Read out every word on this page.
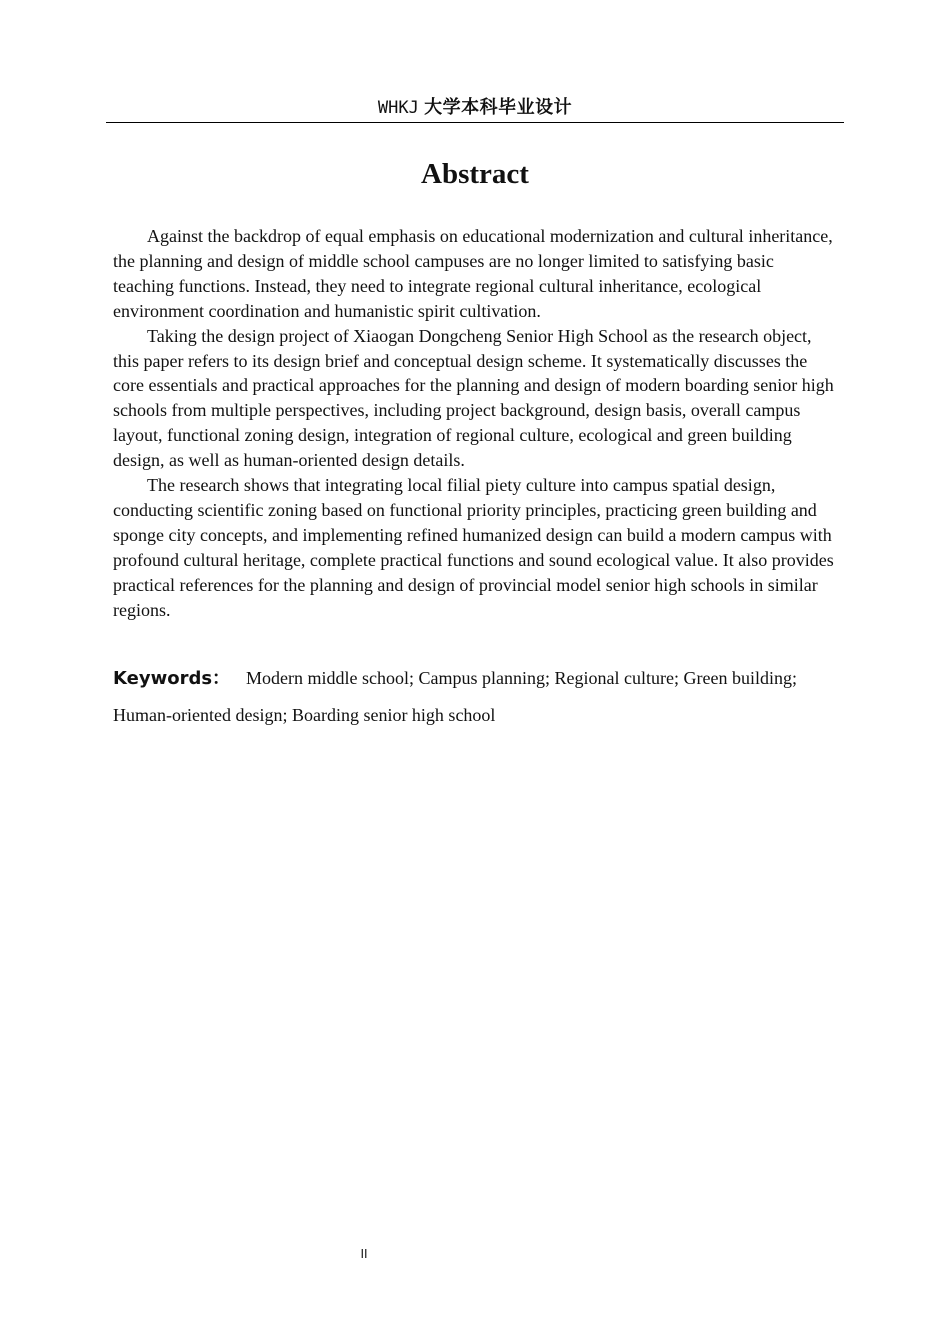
WHKJ 大学本科毕业设计
Abstract

Against the backdrop of equal emphasis on educational modernization and cultural inheritance, the planning and design of middle school campuses are no longer limited to satisfying basic teaching functions. Instead, they need to integrate regional cultural inheritance, ecological environment coordination and humanistic spirit cultivation.

Taking the design project of Xiaogan Dongcheng Senior High School as the research object, this paper refers to its design brief and conceptual design scheme. It systematically discusses the core essentials and practical approaches for the planning and design of modern boarding senior high schools from multiple perspectives, including project background, design basis, overall campus layout, functional zoning design, integration of regional culture, ecological and green building design, as well as human-oriented design details.

The research shows that integrating local filial piety culture into campus spatial design, conducting scientific zoning based on functional priority principles, practicing green building and sponge city concepts, and implementing refined humanized design can build a modern campus with profound cultural heritage, complete practical functions and sound ecological value. It also provides practical references for the planning and design of provincial model senior high schools in similar regions.

Keywords： Modern middle school; Campus planning; Regional culture; Green building; Human-oriented design; Boarding senior high school
II
